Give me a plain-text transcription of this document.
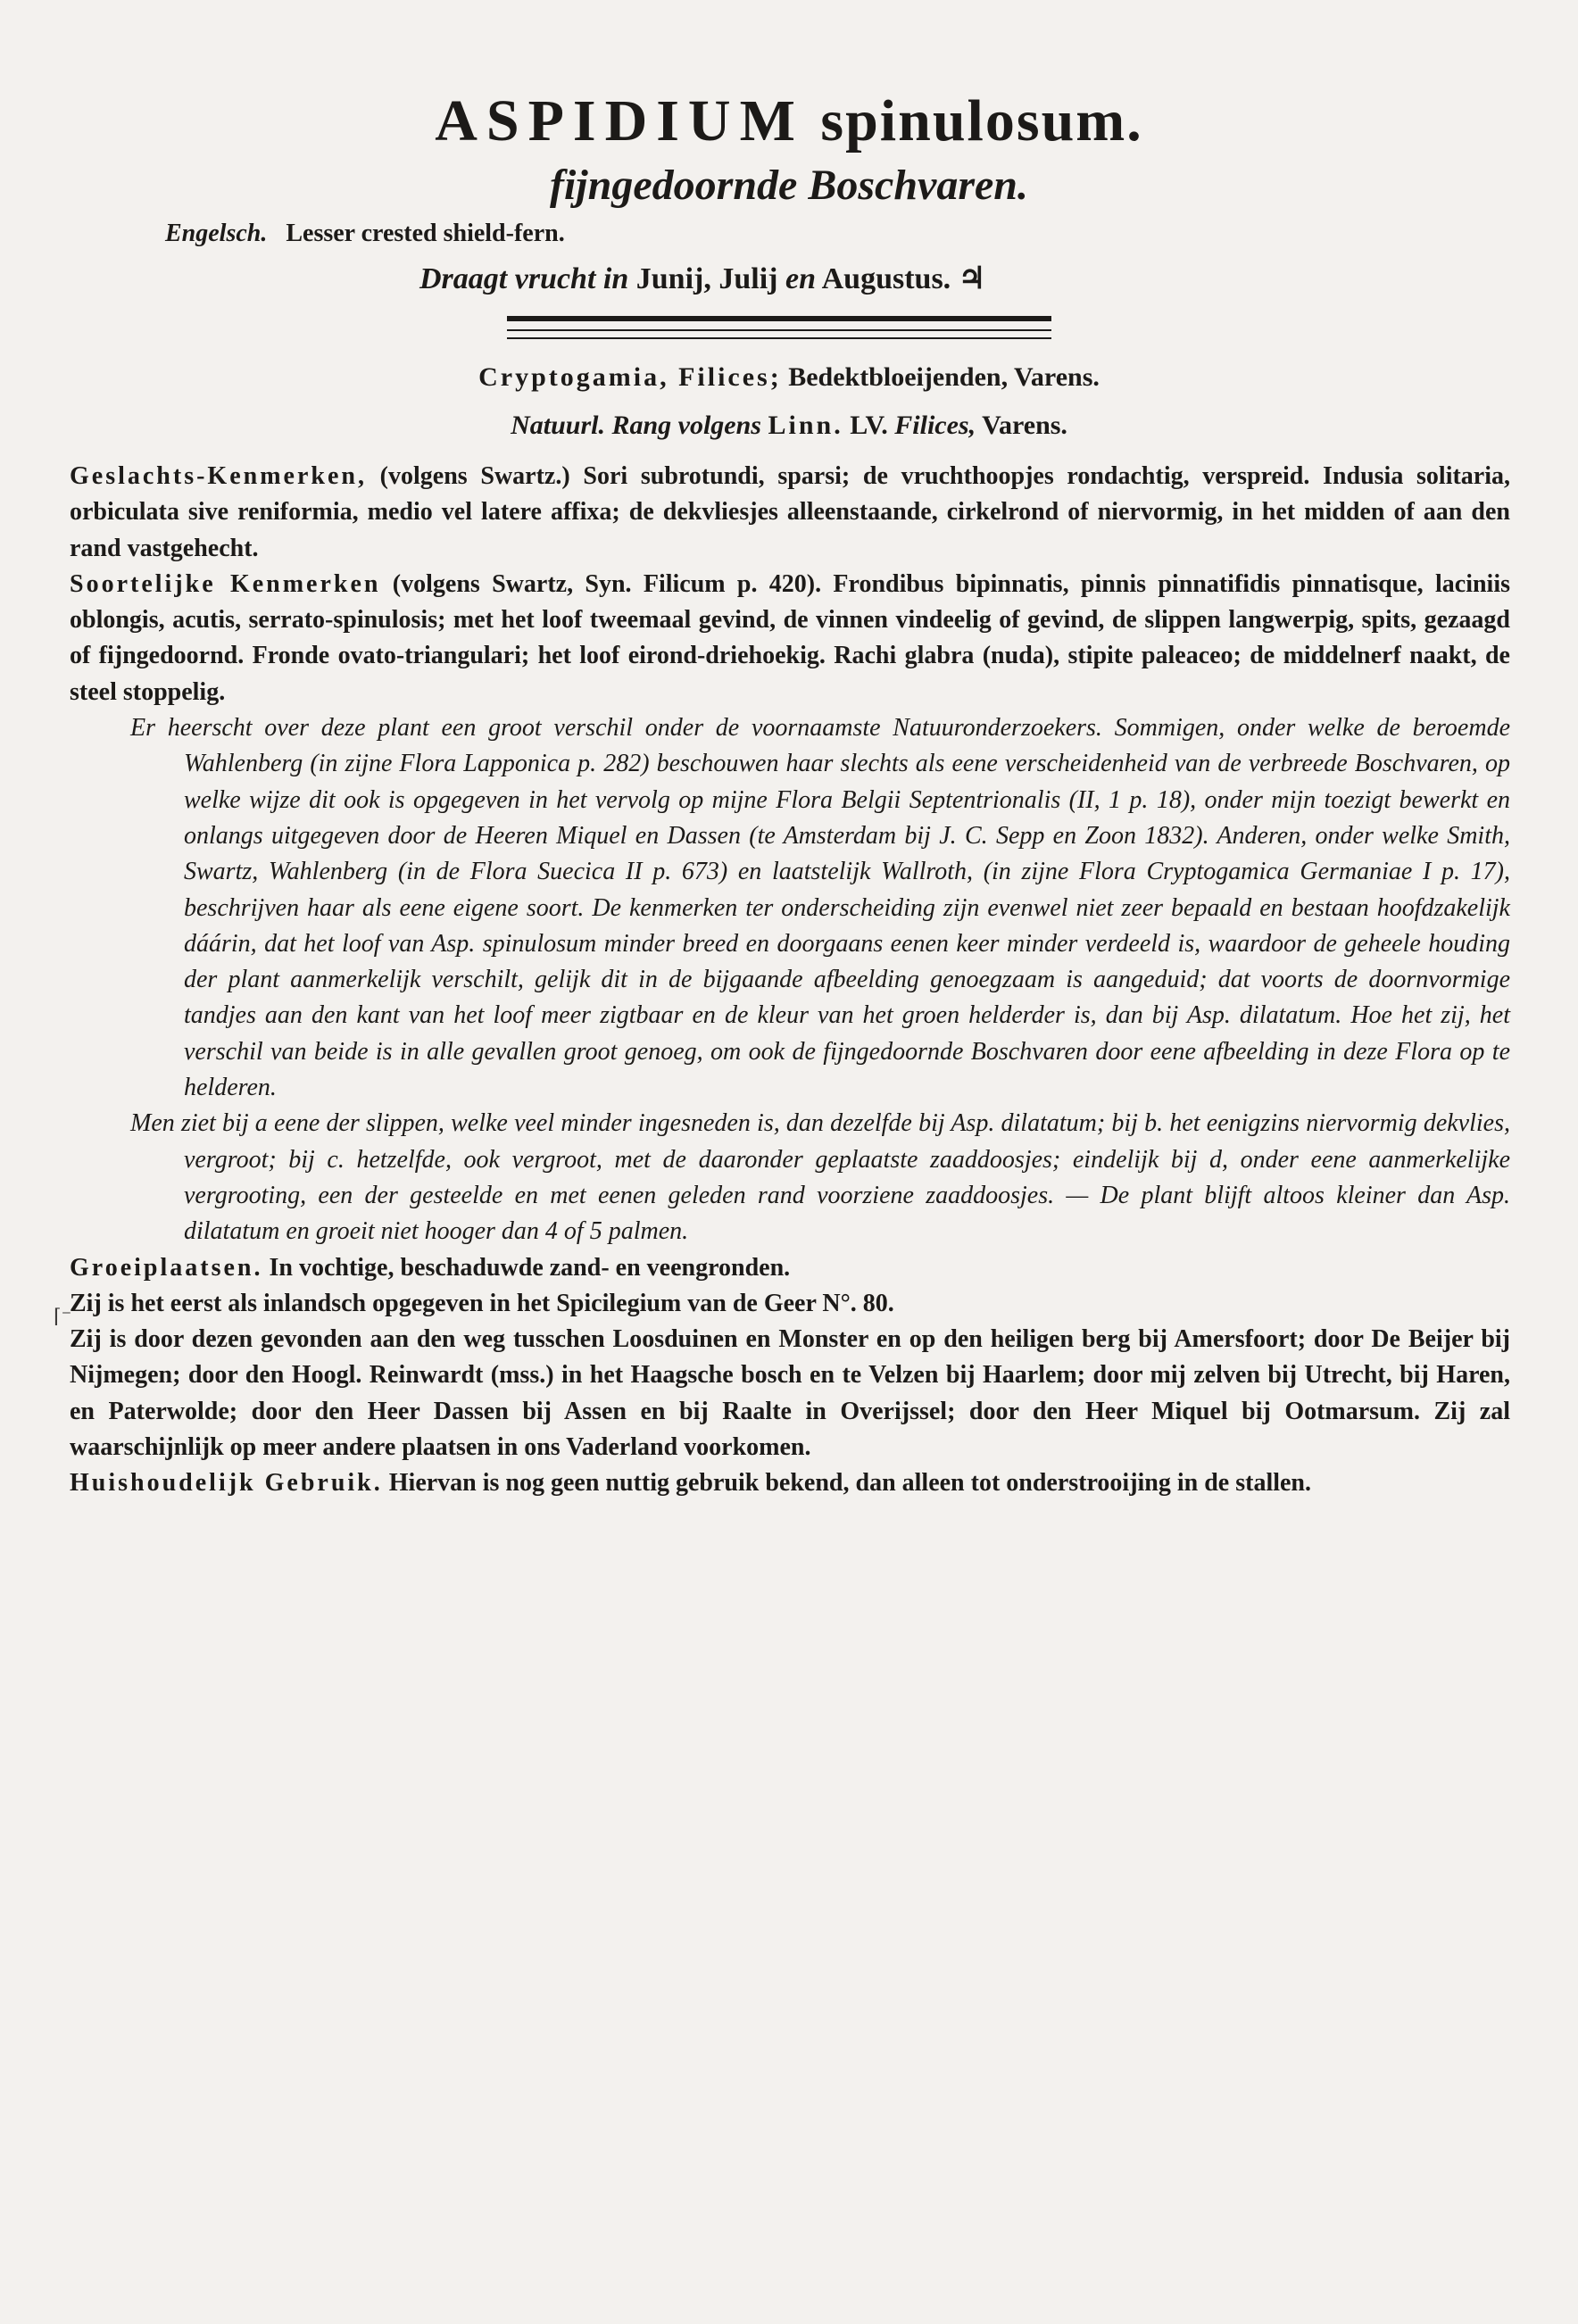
ASPIDIUM spinulosum.
fijngedoornde Boschvaren.
Engelsch. Lesser crested shield-fern.
Draagt vrucht in Junij, Julij en Augustus. ♃
Cryptogamia, Filices; Bedektbloeijenden, Varens.
Natuurl. Rang volgens Linn. LV. Filices, Varens.

Geslachts-Kenmerken, (volgens Swartz.) Sori subrotundi, sparsi; de vruchthoopjes rondachtig, verspreid. Indusia solitaria, orbiculata sive reniformia, medio vel latere affixa; de dekvliesjes alleenstaande, cirkelrond of niervormig, in het midden of aan den rand vastgehecht.

Soortelijke Kenmerken (volgens Swartz, Syn. Filicum p. 420). Frondibus bipinnatis, pinnis pinnatifidis pinnatisque, laciniis oblongis, acutis, serrato-spinulosis; met het loof tweemaal gevind, de vinnen vindeelig of gevind, de slippen langwerpig, spits, gezaagd of fijngedoornd. Fronde ovato-triangulari; het loof eirond-driehoekig. Rachi glabra (nuda), stipite paleaceo; de middelnerf naakt, de steel stoppelig.

Er heerscht over deze plant een groot verschil onder de voornaamste Natuuronderzoekers. Sommigen, onder welke de beroemde Wahlenberg (in zijne Flora Lapponica p. 282) beschouwen haar slechts als eene verscheidenheid van de verbreede Boschvaren, op welke wijze dit ook is opgegeven in het vervolg op mijne Flora Belgii Septentrionalis (II, 1 p. 18), onder mijn toezigt bewerkt en onlangs uitgegeven door de Heeren Miquel en Dassen (te Amsterdam bij J. C. Sepp en Zoon 1832). Anderen, onder welke Smith, Swartz, Wahlenberg (in de Flora Suecica II p. 673) en laatstelijk Wallroth, (in zijne Flora Cryptogamica Germaniae I p. 17), beschrijven haar als eene eigene soort. De kenmerken ter onderscheiding zijn evenwel niet zeer bepaald en bestaan hoofdzakelijk dáárin, dat het loof van Asp. spinulosum minder breed en doorgaans eenen keer minder verdeeld is, waardoor de geheele houding der plant aanmerkelijk verschilt, gelijk dit in de bijgaande afbeelding genoegzaam is aangeduid; dat voorts de doornvormige tandjes aan den kant van het loof meer zigtbaar en de kleur van het groen helderder is, dan bij Asp. dilatatum. Hoe het zij, het verschil van beide is in alle gevallen groot genoeg, om ook de fijngedoornde Boschvaren door eene afbeelding in deze Flora op te helderen.

Men ziet bij a eene der slippen, welke veel minder ingesneden is, dan dezelfde bij Asp. dilatatum; bij b. het eenigzins niervormig dekvlies, vergroot; bij c. hetzelfde, ook vergroot, met de daaronder geplaatste zaaddoosjes; eindelijk bij d, onder eene aanmerkelijke vergrooting, een der gesteelde en met eenen geleden rand voorziene zaaddoosjes. — De plant blijft altoos kleiner dan Asp. dilatatum en groeit niet hooger dan 4 of 5 palmen.

Groeiplaatsen. In vochtige, beschaduwde zand- en veengronden.

Zij is het eerst als inlandsch opgegeven in het Spicilegium van de Geer N°. 80.

Zij is door dezen gevonden aan den weg tusschen Loosduinen en Monster en op den heiligen berg bij Amersfoort; door De Beijer bij Nijmegen; door den Hoogl. Reinwardt (mss.) in het Haagsche bosch en te Velzen bij Haarlem; door mij zelven bij Utrecht, bij Haren, en Paterwolde; door den Heer Dassen bij Assen en bij Raalte in Overijssel; door den Heer Miquel bij Ootmarsum. Zij zal waarschijnlijk op meer andere plaatsen in ons Vaderland voorkomen.

Huishoudelijk Gebruik. Hiervan is nog geen nuttig gebruik bekend, dan alleen tot onderstrooijing in de stallen.

⌈⁻
